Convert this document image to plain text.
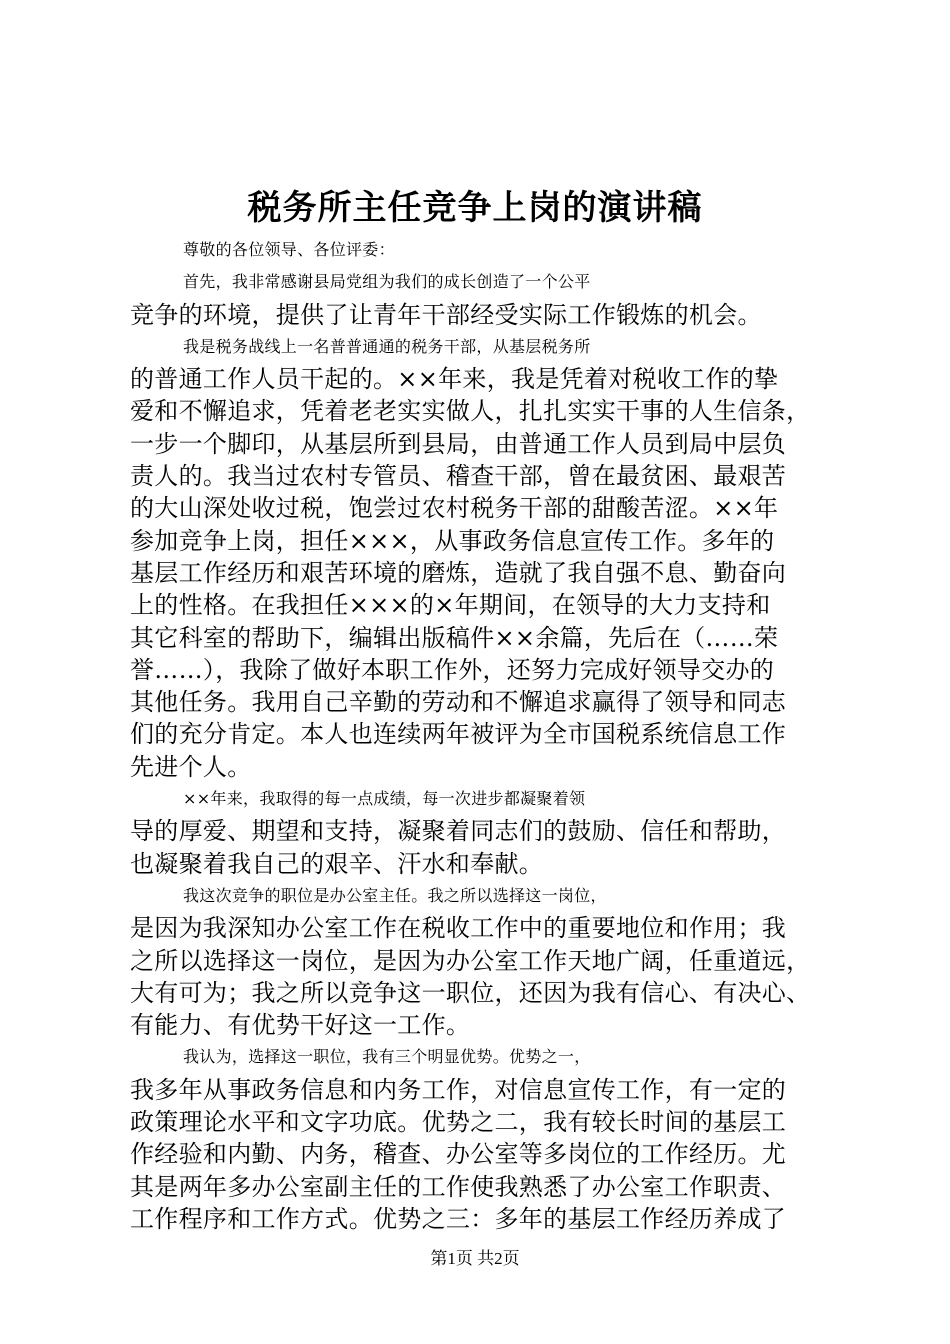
税务所主任竞争上岗的演讲稿
尊敬的各位领导、各位评委：
首先，我非常感谢县局党组为我们的成长创造了一个公平
竞争的环境，提供了让青年干部经受实际工作锻炼的机会。
我是税务战线上一名普普通通的税务干部，从基层税务所
的普通工作人员干起的。××年来，我是凭着对税收工作的挚
爱和不懈追求，凭着老老实实做人，扎扎实实干事的人生信条，
一步一个脚印，从基层所到县局，由普通工作人员到局中层负
责人的。我当过农村专管员、稽查干部，曾在最贫困、最艰苦
的大山深处收过税，饱尝过农村税务干部的甜酸苦涩。××年
参加竞争上岗，担任×××，从事政务信息宣传工作。多年的
基层工作经历和艰苦环境的磨炼，造就了我自强不息、勤奋向
上的性格。在我担任×××的×年期间，在领导的大力支持和
其它科室的帮助下，编辑出版稿件××余篇，先后在（……荣
誉……），我除了做好本职工作外，还努力完成好领导交办的
其他任务。我用自己辛勤的劳动和不懈追求赢得了领导和同志
们的充分肯定。本人也连续两年被评为全市国税系统信息工作
先进个人。
××年来，我取得的每一点成绩，每一次进步都凝聚着领
导的厚爱、期望和支持，凝聚着同志们的鼓励、信任和帮助，
也凝聚着我自己的艰辛、汗水和奉献。
我这次竞争的职位是办公室主任。我之所以选择这一岗位，
是因为我深知办公室工作在税收工作中的重要地位和作用；我
之所以选择这一岗位，是因为办公室工作天地广阔，任重道远，
大有可为；我之所以竞争这一职位，还因为我有信心、有决心、
有能力、有优势干好这一工作。
我认为，选择这一职位，我有三个明显优势。优势之一，
我多年从事政务信息和内务工作，对信息宣传工作，有一定的
政策理论水平和文字功底。优势之二，我有较长时间的基层工
作经验和内勤、内务，稽查、办公室等多岗位的工作经历。尤
其是两年多办公室副主任的工作使我熟悉了办公室工作职责、
工作程序和工作方式。优势之三：多年的基层工作经历养成了
第1页 共2页
